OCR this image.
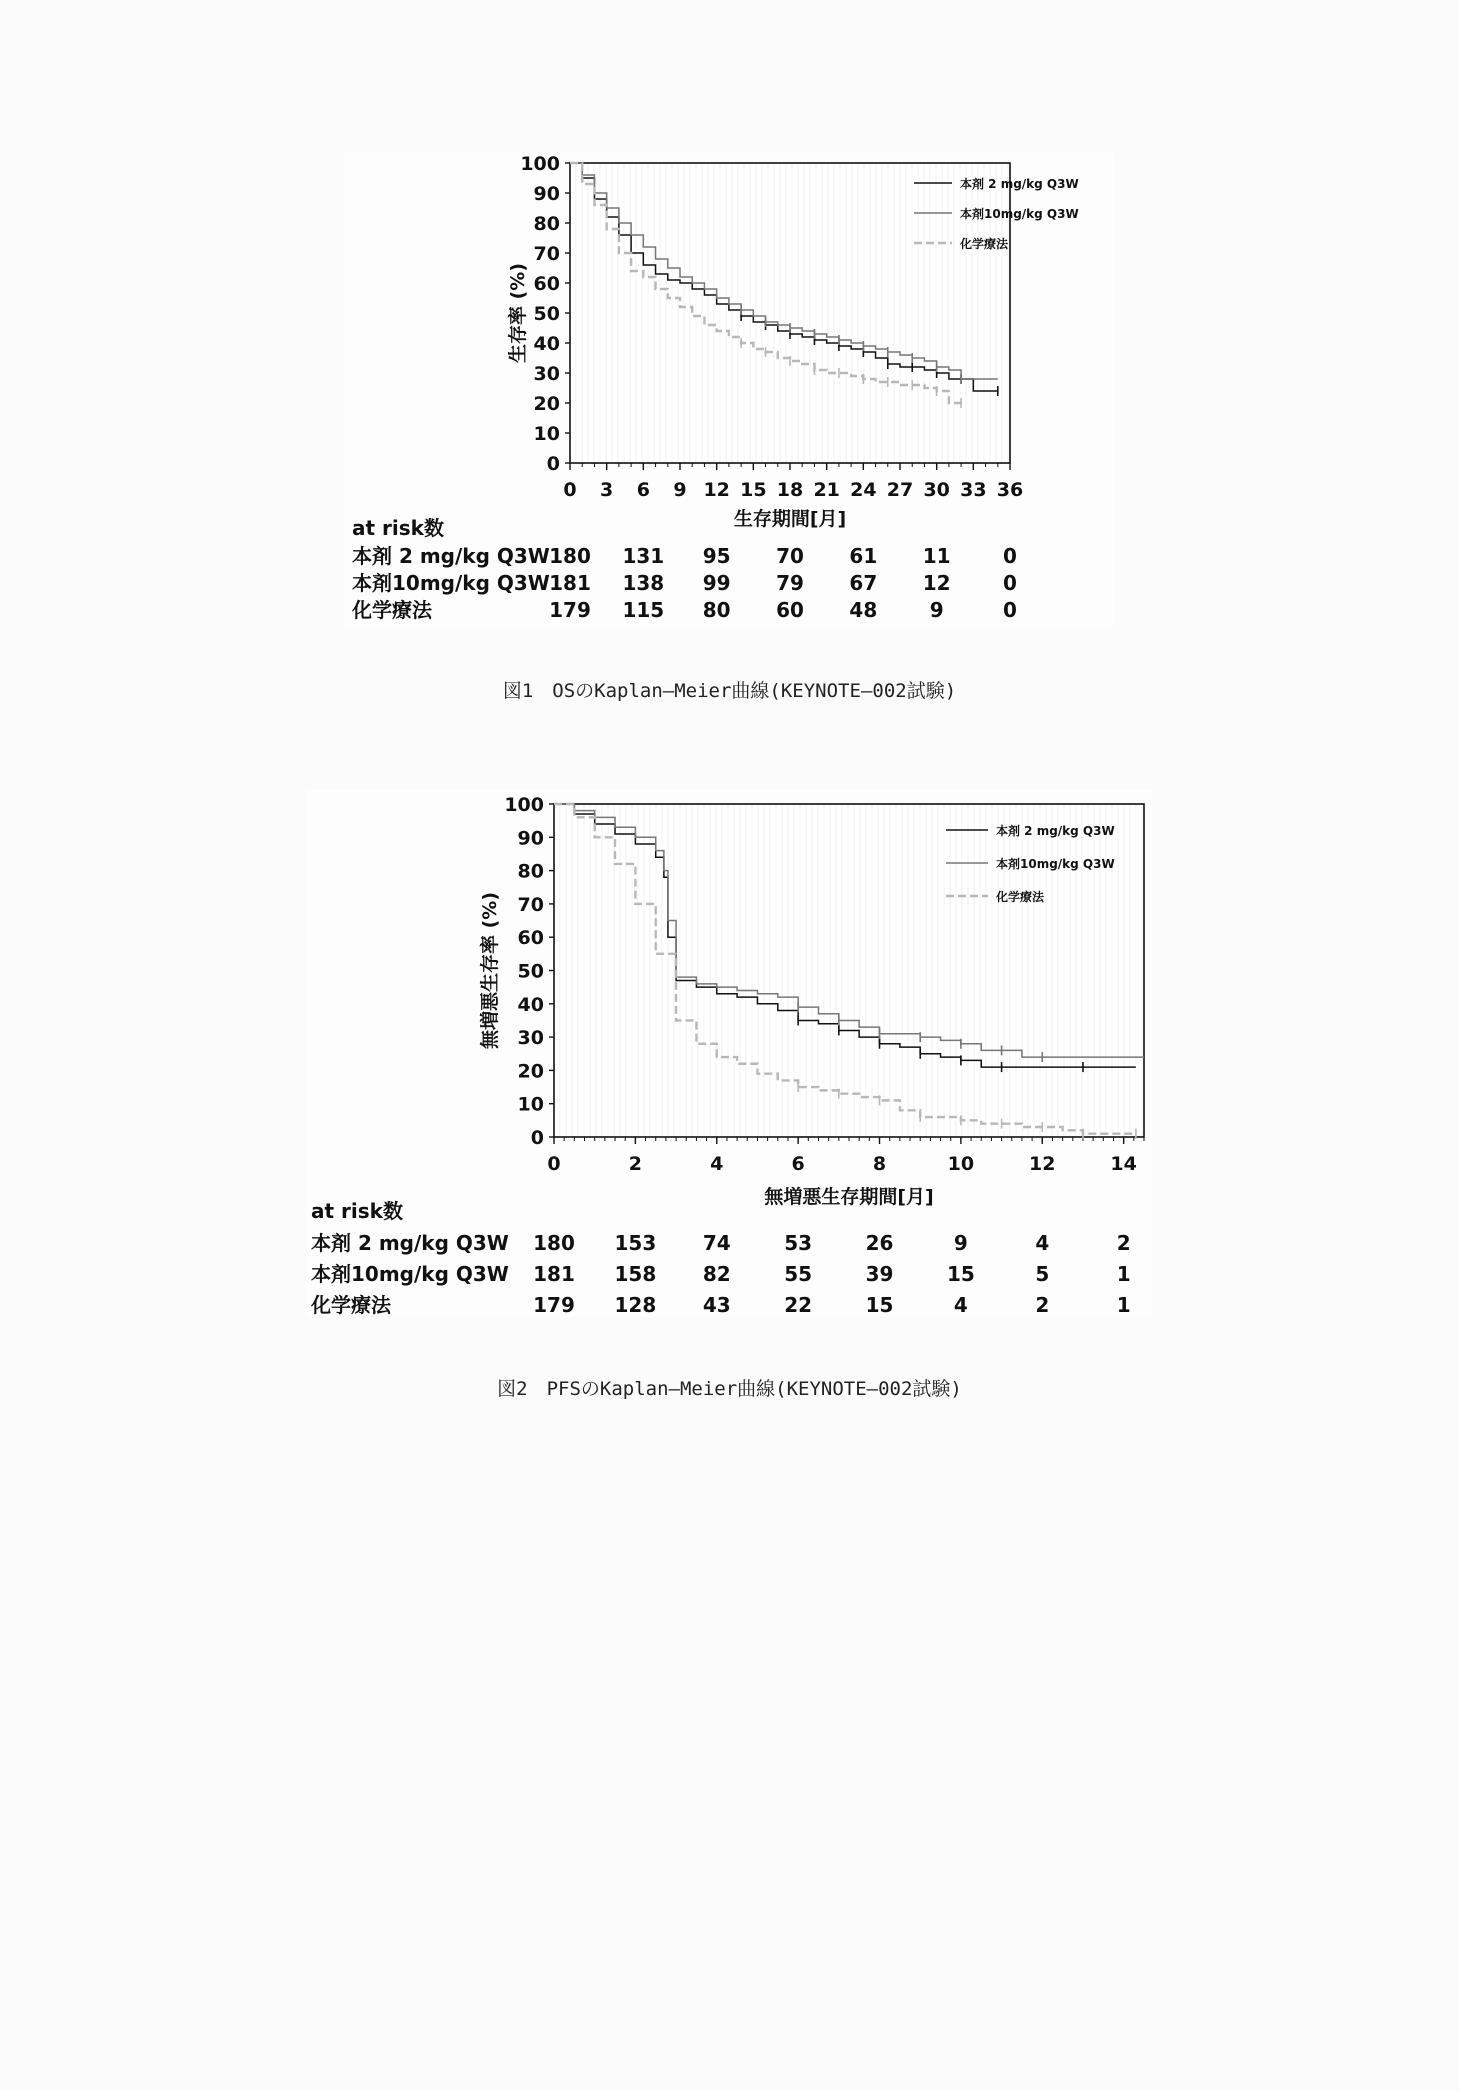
0
10
20
30
40
50
60
70
80
90
100
0 3 6 9 12 15 18 21 24 27 30 33 36
生存期間[月]
生存率 (%)
本剤 2 mg/kg Q3W
本剤10mg/kg Q3W
化学療法
at risk数
本剤 2 mg/kg Q3W 180 131 95 70 61 11	0
本剤10mg/kg Q3W 181 138 99 79 67 12	0
化学療法	179 115 80 60 48	9	0
図1　OSのKaplan―Meier曲線(KEYNOTE―002試験)
0
10
20
30
40
50
60
70
80
90
100
0	2	4	6	8	10	12	14
無増悪生存期間[月]
無増悪生存率 (%)
本剤 2 mg/kg Q3W
本剤10mg/kg Q3W
化学療法
at risk数
本剤 2 mg/kg Q3W 180 153 74	53	26	9	4	2
本剤10mg/kg Q3W 181 158 82	55	39	15	5	1
化学療法	179 128 43	22	15	4	2	1
図2　PFSのKaplan―Meier曲線(KEYNOTE―002試験)
